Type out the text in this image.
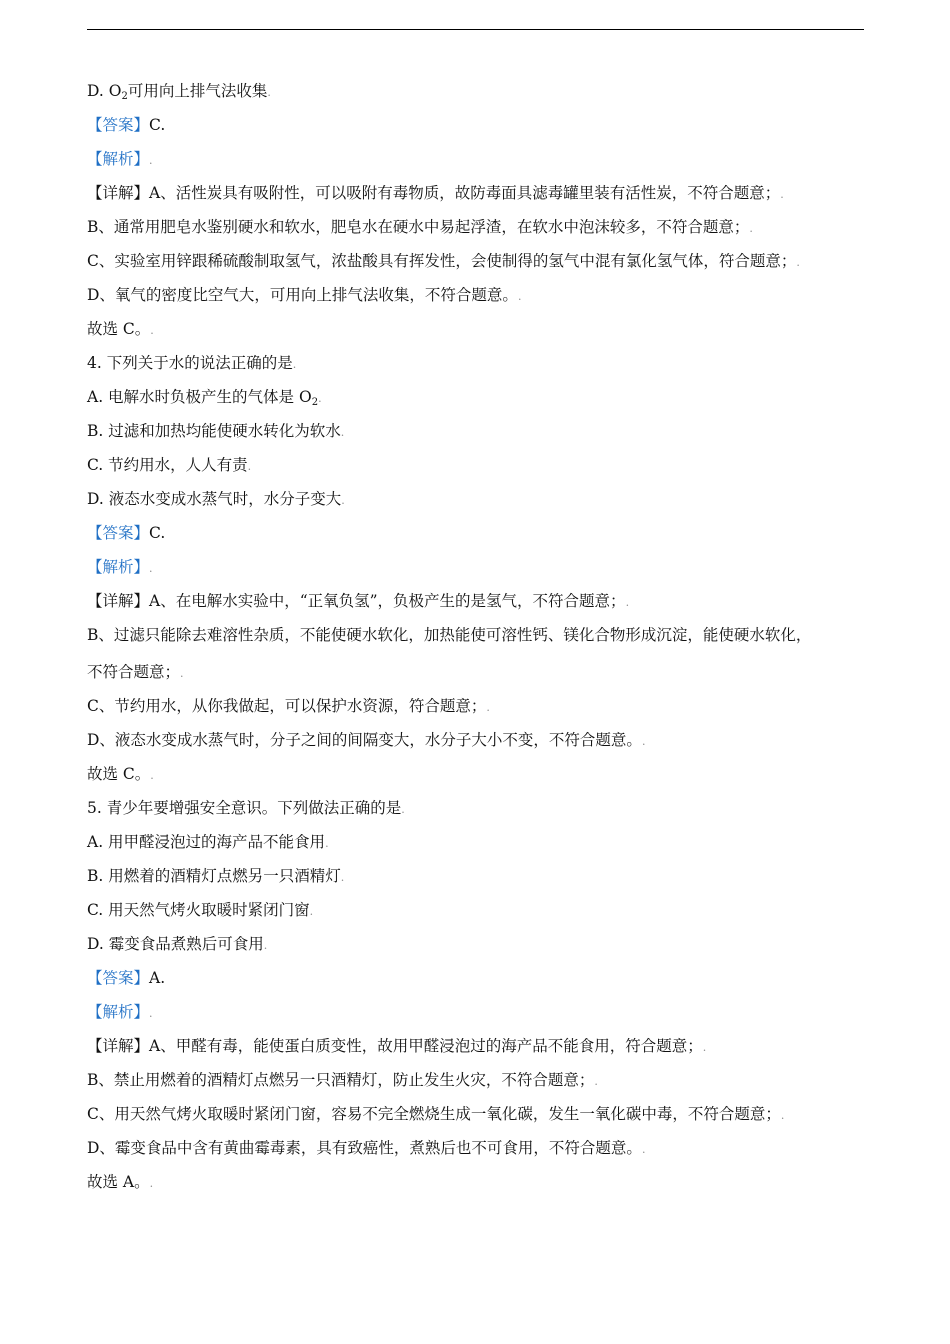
D. $O_2$可用向上排气法收集.
【答案】C.
【解析】.
【详解】A、活性炭具有吸附性，可以吸附有毒物质，故防毒面具滤毒罐里装有活性炭，不符合题意；.
B、通常用肥皂水鉴别硬水和软水，肥皂水在硬水中易起浮渣，在软水中泡沫较多，不符合题意；.
C、实验室用锌跟稀硫酸制取氢气，浓盐酸具有挥发性，会使制得的氢气中混有氯化氢气体，符合题意；.
D、氧气的密度比空气大，可用向上排气法收集，不符合题意。.
故选 C。.
4. 下列关于水的说法正确的是.
A. 电解水时负极产生的气体是 $O_2$.
B. 过滤和加热均能使硬水转化为软水.
C. 节约用水，人人有责.
D. 液态水变成水蒸气时，水分子变大.
【答案】C.
【解析】.
【详解】A、在电解水实验中，“正氧负氢”，负极产生的是氢气，不符合题意；.
B、过滤只能除去难溶性杂质，不能使硬水软化，加热能使可溶性钙、镁化合物形成沉淀，能使硬水软化，
不符合题意；.
C、节约用水，从你我做起，可以保护水资源，符合题意；.
D、液态水变成水蒸气时，分子之间的间隔变大，水分子大小不变，不符合题意。.
故选 C。.
5. 青少年要增强安全意识。下列做法正确的是.
A. 用甲醛浸泡过的海产品不能食用.
B. 用燃着的酒精灯点燃另一只酒精灯.
C. 用天然气烤火取暖时紧闭门窗.
D. 霉变食品煮熟后可食用.
【答案】A.
【解析】.
【详解】A、甲醛有毒，能使蛋白质变性，故用甲醛浸泡过的海产品不能食用，符合题意；.
B、禁止用燃着的酒精灯点燃另一只酒精灯，防止发生火灾，不符合题意；.
C、用天然气烤火取暖时紧闭门窗，容易不完全燃烧生成一氧化碳，发生一氧化碳中毒，不符合题意；.
D、霉变食品中含有黄曲霉毒素，具有致癌性，煮熟后也不可食用，不符合题意。.
故选 A。.
